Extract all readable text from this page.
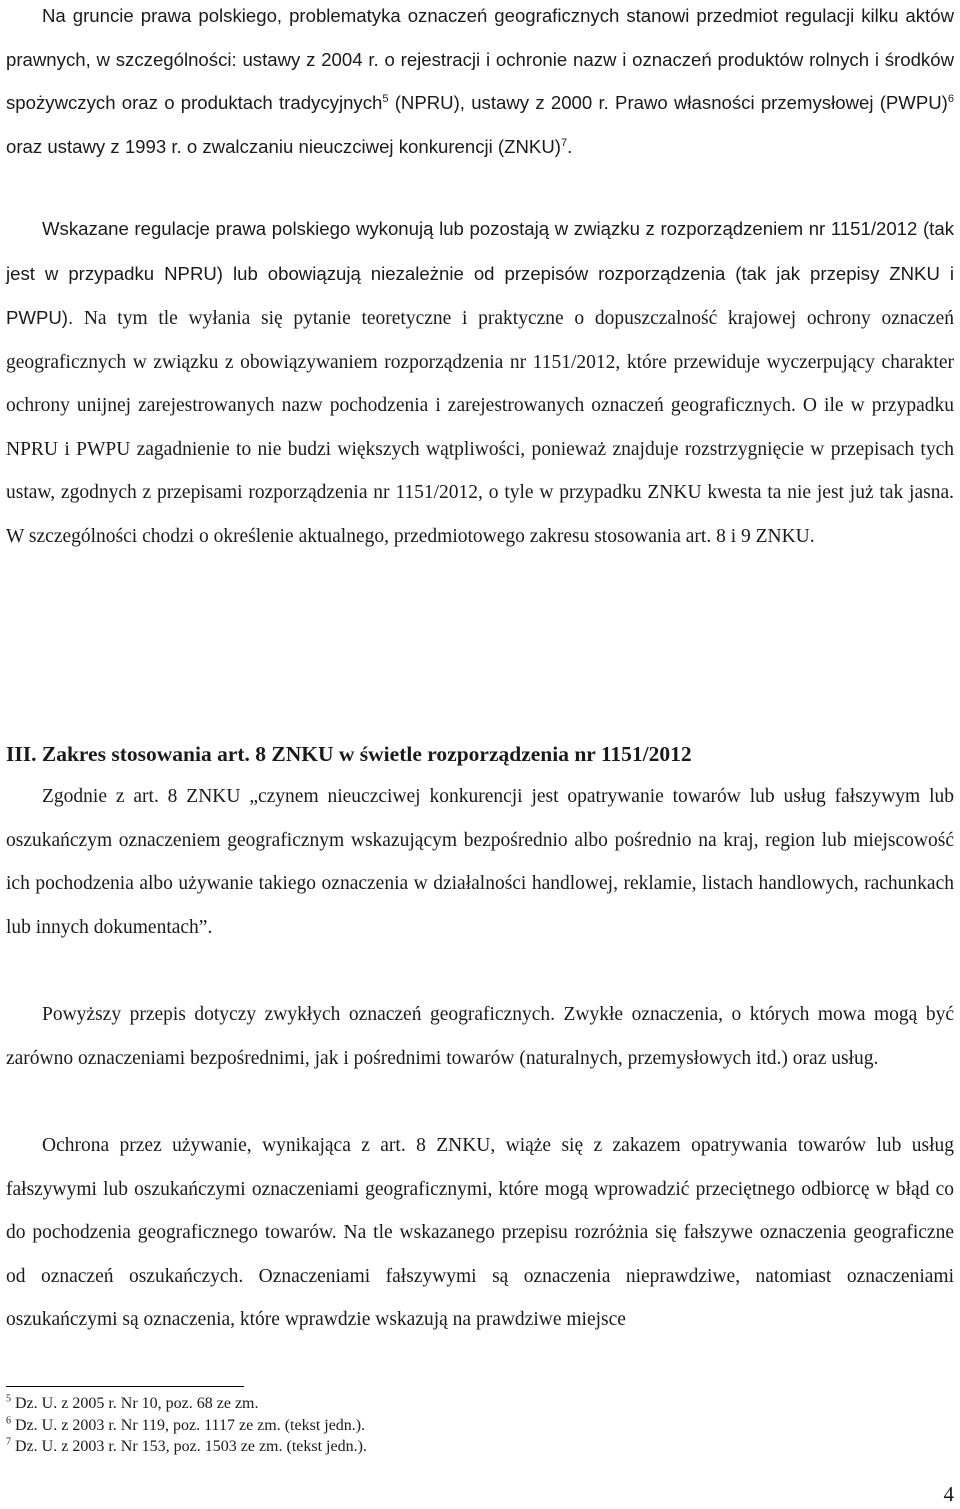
Na gruncie prawa polskiego, problematyka oznaczeń geograficznych stanowi przedmiot regulacji kilku aktów prawnych, w szczególności: ustawy z 2004 r. o rejestracji i ochronie nazw i oznaczeń produktów rolnych i środków spożywczych oraz o produktach tradycyjnych$^5$ (NPRU), ustawy z 2000 r. Prawo własności przemysłowej (PWPU)$^6$ oraz ustawy z 1993 r. o zwalczaniu nieuczciwej konkurencji (ZNKU)$^7$.

Wskazane regulacje prawa polskiego wykonują lub pozostają w związku z rozporządzeniem nr 1151/2012 (tak jest w przypadku NPRU) lub obowiązują niezależnie od przepisów rozporządzenia (tak jak przepisy ZNKU i PWPU). Na tym tle wyłania się pytanie teoretyczne i praktyczne o dopuszczalność krajowej ochrony oznaczeń geograficznych w związku z obowiązywaniem rozporządzenia nr 1151/2012, które przewiduje wyczerpujący charakter ochrony unijnej zarejestrowanych nazw pochodzenia i zarejestrowanych oznaczeń geograficznych. O ile w przypadku NPRU i PWPU zagadnienie to nie budzi większych wątpliwości, ponieważ znajduje rozstrzygnięcie w przepisach tych ustaw, zgodnych z przepisami rozporządzenia nr 1151/2012, o tyle w przypadku ZNKU kwesta ta nie jest już tak jasna. W szczególności chodzi o określenie aktualnego, przedmiotowego zakresu stosowania art. 8 i 9 ZNKU.

III. Zakres stosowania art. 8 ZNKU w świetle rozporządzenia nr 1151/2012

Zgodnie z art. 8 ZNKU „czynem nieuczciwej konkurencji jest opatrywanie towarów lub usług fałszywym lub oszukańczym oznaczeniem geograficznym wskazującym bezpośrednio albo pośrednio na kraj, region lub miejscowość ich pochodzenia albo używanie takiego oznaczenia w działalności handlowej, reklamie, listach handlowych, rachunkach lub innych dokumentach”.

Powyższy przepis dotyczy zwykłych oznaczeń geograficznych. Zwykłe oznaczenia, o których mowa mogą być zarówno oznaczeniami bezpośrednimi, jak i pośrednimi towarów (naturalnych, przemysłowych itd.) oraz usług.

Ochrona przez używanie, wynikająca z art. 8 ZNKU, wiąże się z zakazem opatrywania towarów lub usług fałszywymi lub oszukańczymi oznaczeniami geograficznymi, które mogą wprowadzić przeciętnego odbiorcę w błąd co do pochodzenia geograficznego towarów. Na tle wskazanego przepisu rozróżnia się fałszywe oznaczenia geograficzne od oznaczeń oszukańczych. Oznaczeniami fałszywymi są oznaczenia nieprawdziwe, natomiast oznaczeniami oszukańczymi są oznaczenia, które wprawdzie wskazują na prawdziwe miejsce

$^5$ Dz. U. z 2005 r. Nr 10, poz. 68 ze zm.
$^6$ Dz. U. z 2003 r. Nr 119, poz. 1117 ze zm. (tekst jedn.).
$^7$ Dz. U. z 2003 r. Nr 153, poz. 1503 ze zm. (tekst jedn.).
4
